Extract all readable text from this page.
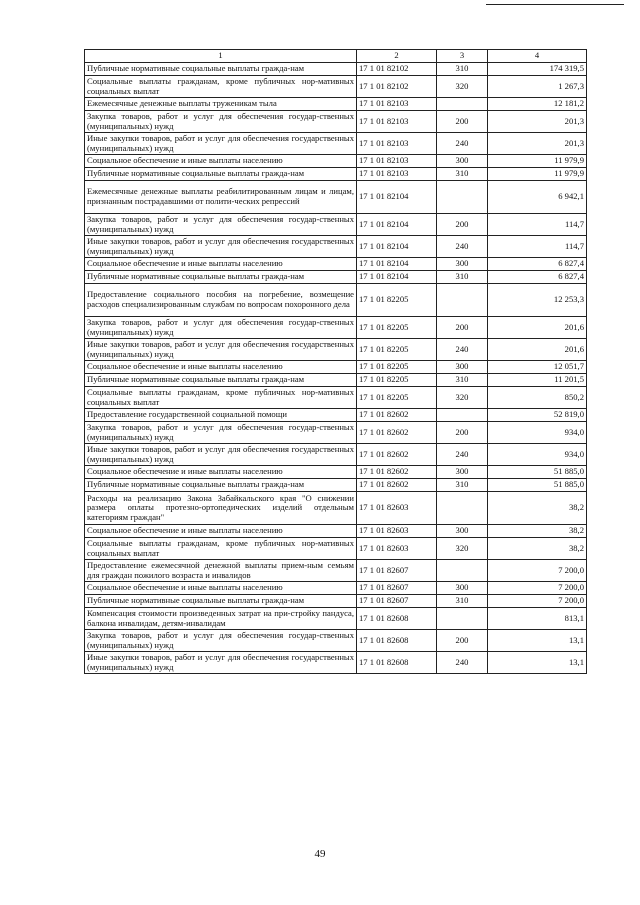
1	2	3	4
Публичные нормативные социальные выплаты гражда-нам	17 1 01 82102	310	174 319,5
Социальные выплаты гражданам, кроме публичных нор-мативных социальных выплат	17 1 01 82102	320	1 267,3
Ежемесячные денежные выплаты труженикам тыла	17 1 01 82103		12 181,2
Закупка товаров, работ и услуг для обеспечения государ-ственных (муниципальных) нужд	17 1 01 82103	200	201,3
Иные закупки товаров, работ и услуг для обеспечения государственных (муниципальных) нужд	17 1 01 82103	240	201,3
Социальное обеспечение и иные выплаты населению	17 1 01 82103	300	11 979,9
Публичные нормативные социальные выплаты гражда-нам	17 1 01 82103	310	11 979,9
Ежемесячные денежные выплаты реабилитированным лицам и лицам, признанным пострадавшими от полити-ческих репрессий	17 1 01 82104		6 942,1
Закупка товаров, работ и услуг для обеспечения государ-ственных (муниципальных) нужд	17 1 01 82104	200	114,7
Иные закупки товаров, работ и услуг для обеспечения государственных (муниципальных) нужд	17 1 01 82104	240	114,7
Социальное обеспечение и иные выплаты населению	17 1 01 82104	300	6 827,4
Публичные нормативные социальные выплаты гражда-нам	17 1 01 82104	310	6 827,4
Предоставление социального пособия на погребение, возмещение расходов специализированным службам по вопросам похоронного дела	17 1 01 82205		12 253,3
Закупка товаров, работ и услуг для обеспечения государ-ственных (муниципальных) нужд	17 1 01 82205	200	201,6
Иные закупки товаров, работ и услуг для обеспечения государственных (муниципальных) нужд	17 1 01 82205	240	201,6
Социальное обеспечение и иные выплаты населению	17 1 01 82205	300	12 051,7
Публичные нормативные социальные выплаты гражда-нам	17 1 01 82205	310	11 201,5
Социальные выплаты гражданам, кроме публичных нор-мативных социальных выплат	17 1 01 82205	320	850,2
Предоставление государственной социальной помощи	17 1 01 82602		52 819,0
Закупка товаров, работ и услуг для обеспечения государ-ственных (муниципальных) нужд	17 1 01 82602	200	934,0
Иные закупки товаров, работ и услуг для обеспечения государственных (муниципальных) нужд	17 1 01 82602	240	934,0
Социальное обеспечение и иные выплаты населению	17 1 01 82602	300	51 885,0
Публичные нормативные социальные выплаты гражда-нам	17 1 01 82602	310	51 885,0
Расходы на реализацию Закона Забайкальского края "О снижении размера оплаты протезно-ортопедических изделий отдельным категориям граждан"	17 1 01 82603		38,2
Социальное обеспечение и иные выплаты населению	17 1 01 82603	300	38,2
Социальные выплаты гражданам, кроме публичных нор-мативных социальных выплат	17 1 01 82603	320	38,2
Предоставление ежемесячной денежной выплаты прием-ным семьям для граждан пожилого возраста и инвалидов	17 1 01 82607		7 200,0
Социальное обеспечение и иные выплаты населению	17 1 01 82607	300	7 200,0
Публичные нормативные социальные выплаты гражда-нам	17 1 01 82607	310	7 200,0
Компенсация стоимости произведенных затрат на при-стройку пандуса, балкона инвалидам, детям-инвалидам	17 1 01 82608		813,1
Закупка товаров, работ и услуг для обеспечения государ-ственных (муниципальных) нужд	17 1 01 82608	200	13,1
Иные закупки товаров, работ и услуг для обеспечения государственных (муниципальных) нужд	17 1 01 82608	240	13,1
49
